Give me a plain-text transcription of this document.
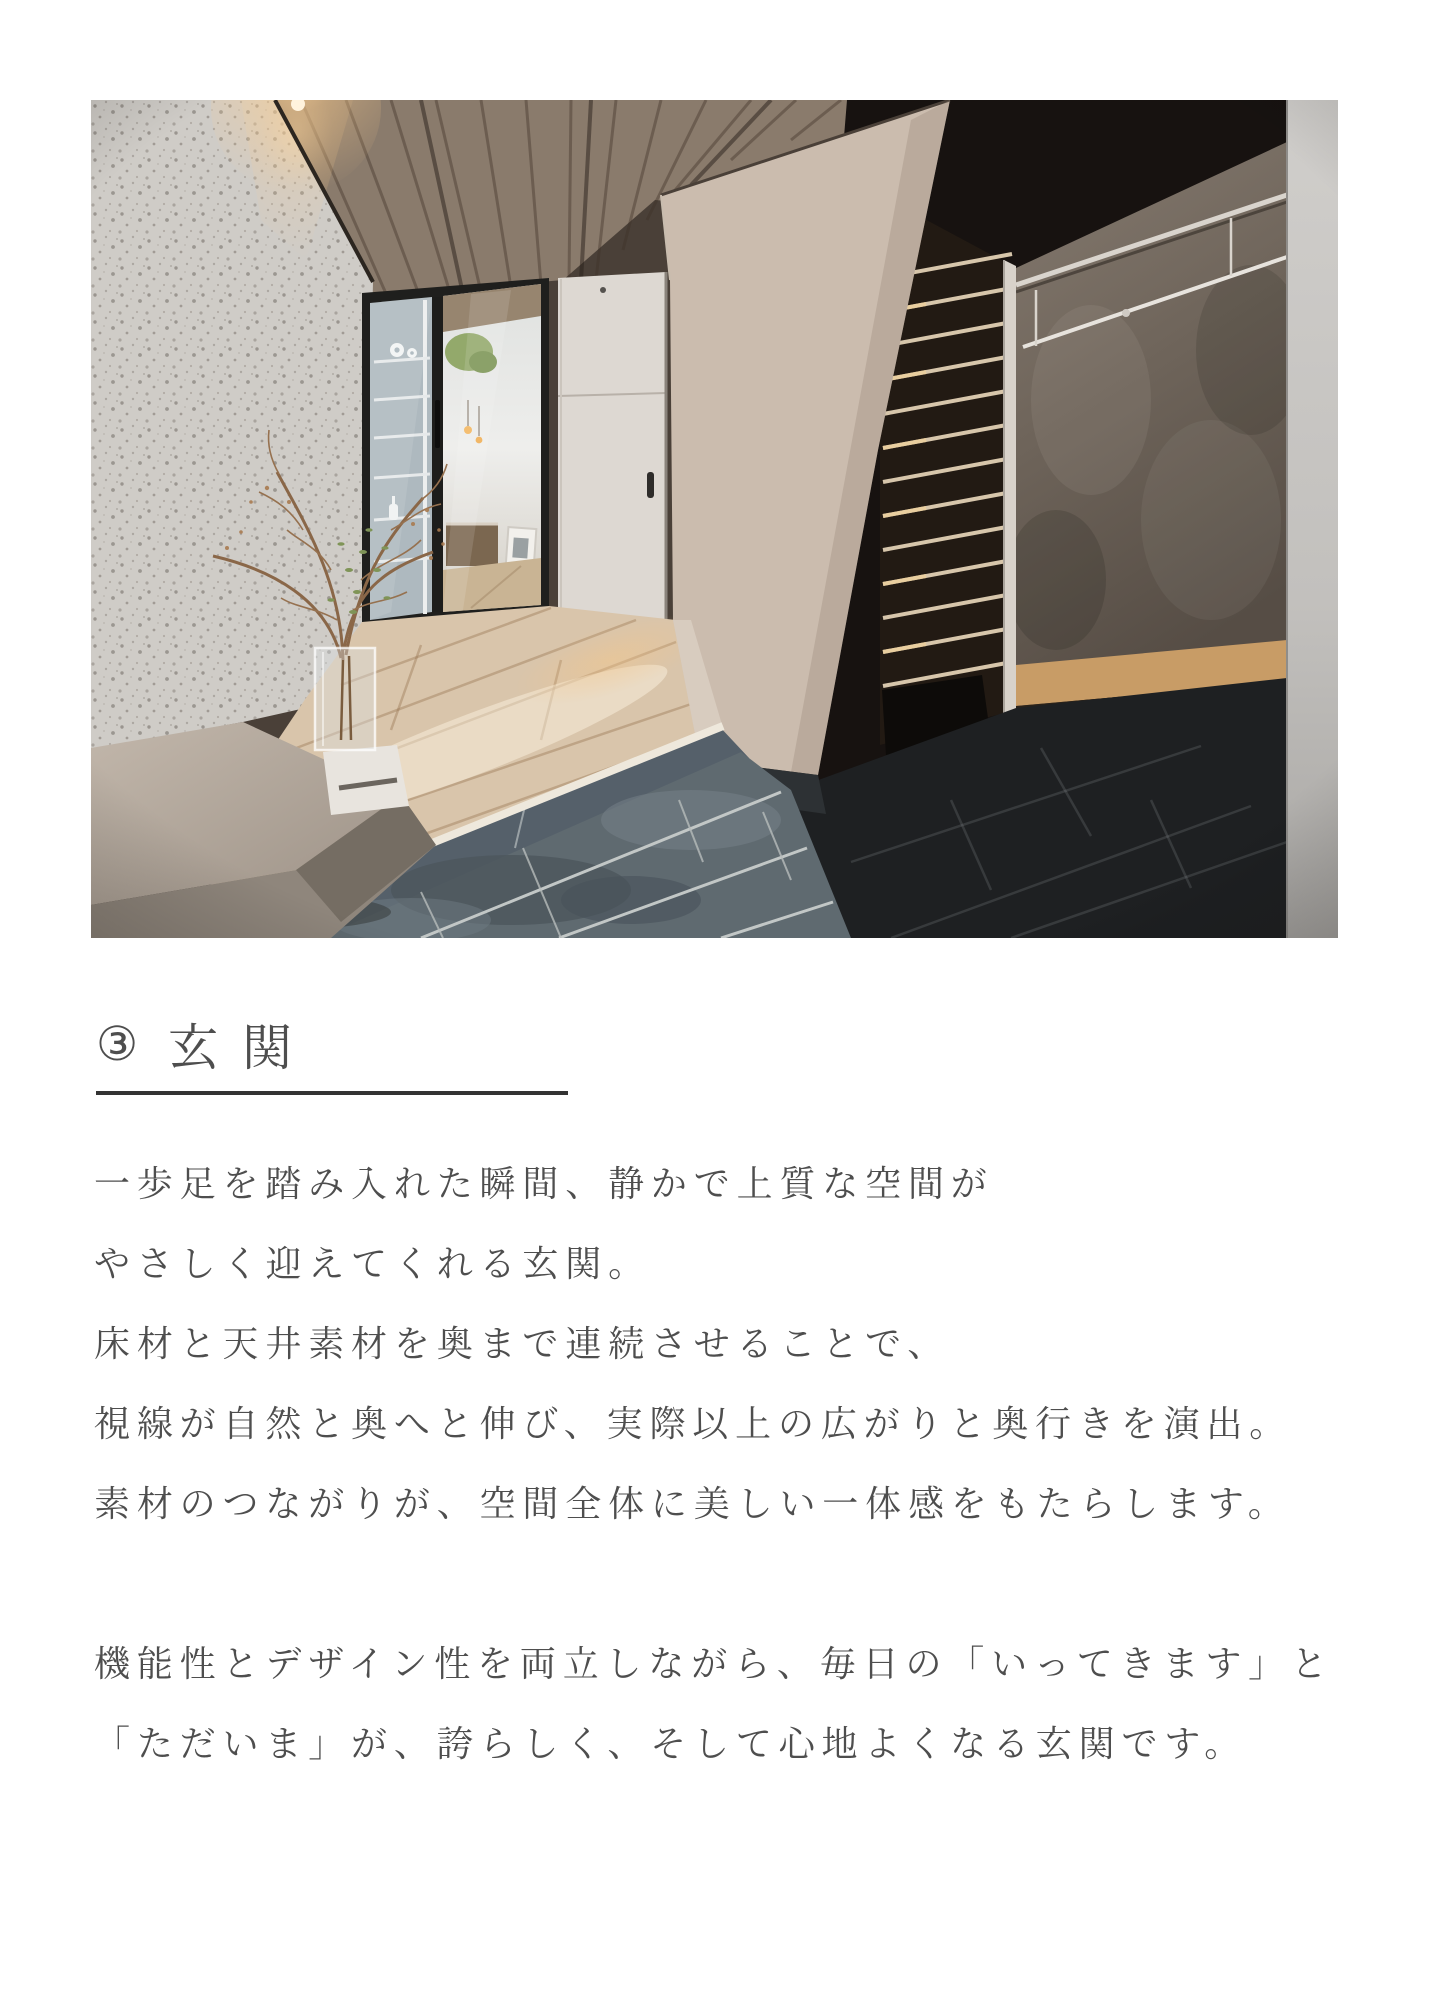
③ 玄関

一歩足を踏み入れた瞬間、静かで上質な空間が

やさしく迎えてくれる玄関。

床材と天井素材を奥まで連続させることで、

視線が自然と奥へと伸び、実際以上の広がりと奥行きを演出。

素材のつながりが、空間全体に美しい一体感をもたらします。

機能性とデザイン性を両立しながら、毎日の「いってきます」と

「ただいま」が、誇らしく、そして心地よくなる玄関です。
